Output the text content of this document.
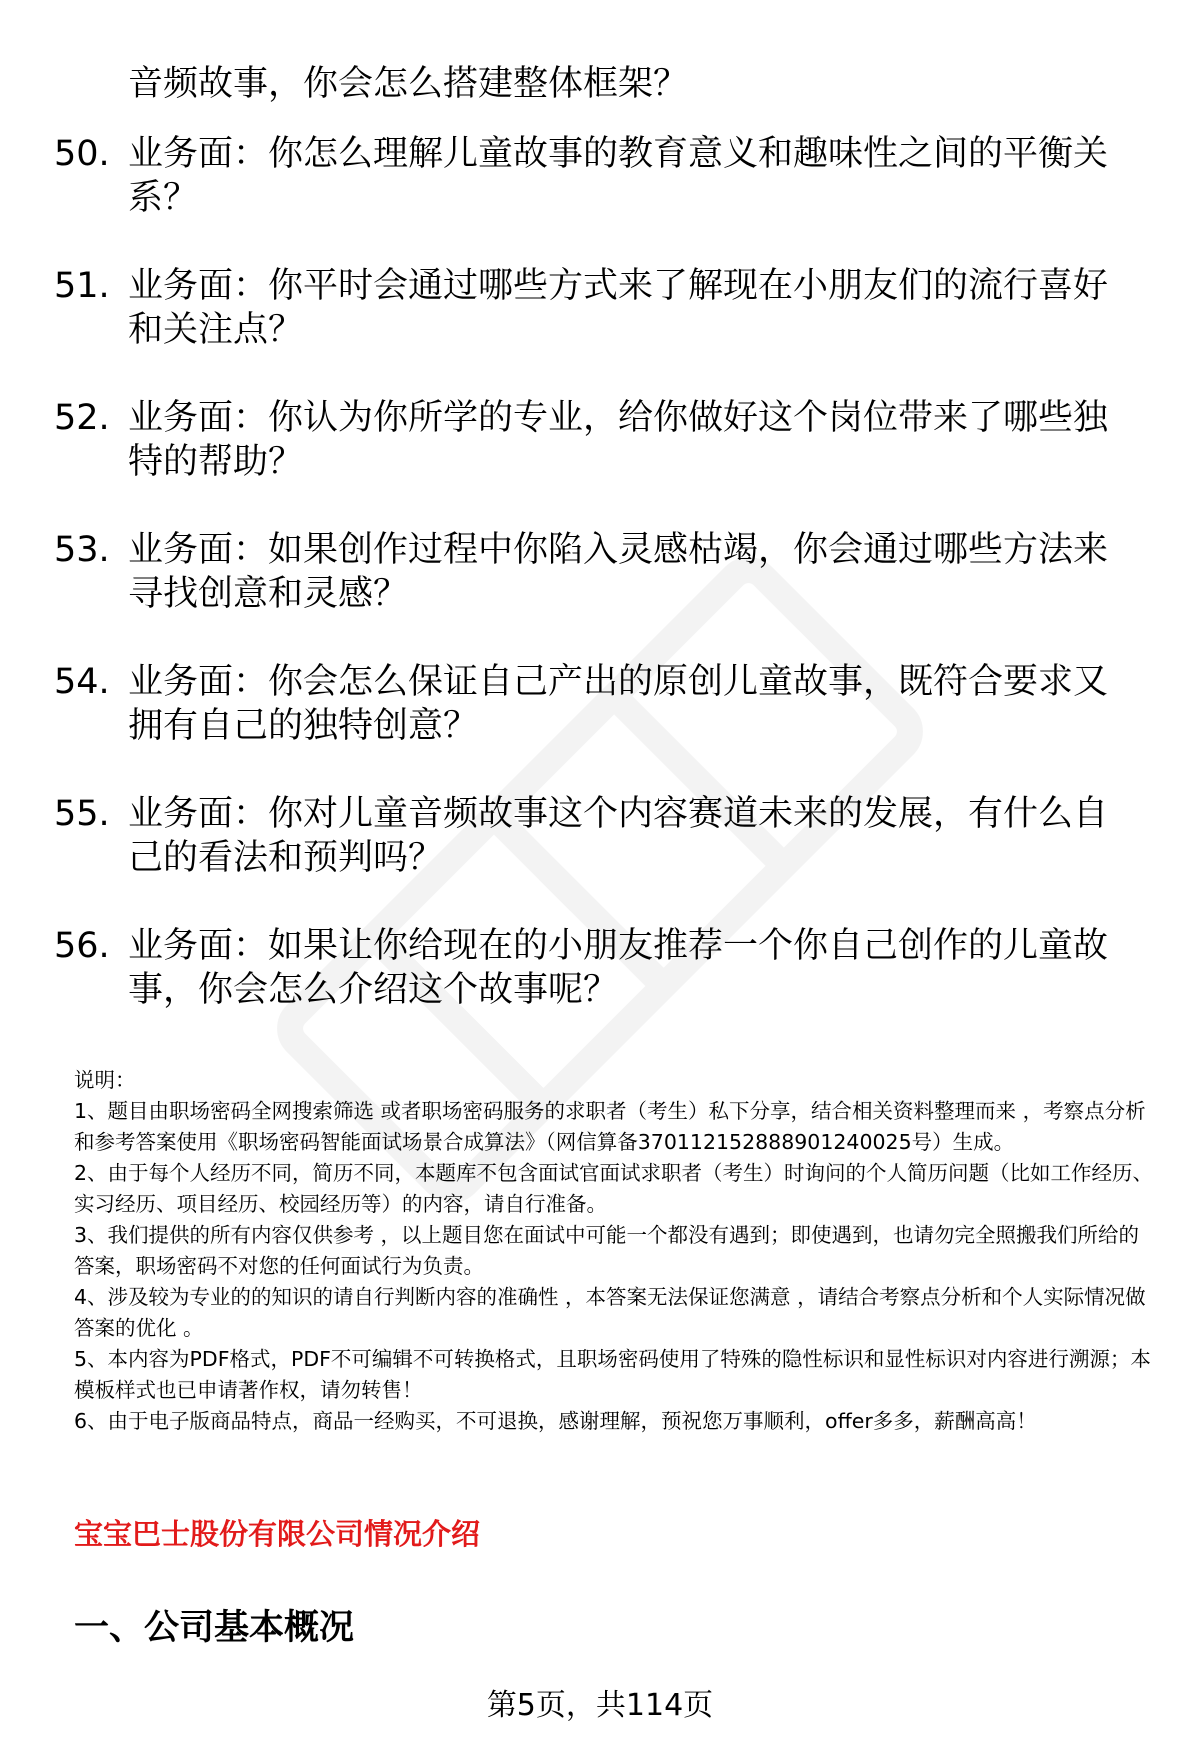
音频故事，你会怎么搭建整体框架？

50. 业务面：你怎么理解儿童故事的教育意义和趣味性之间的平衡关系？
51. 业务面：你平时会通过哪些方式来了解现在小朋友们的流行喜好和关注点？
52. 业务面：你认为你所学的专业，给你做好这个岗位带来了哪些独特的帮助？
53. 业务面：如果创作过程中你陷入灵感枯竭，你会通过哪些方法来寻找创意和灵感？
54. 业务面：你会怎么保证自己产出的原创儿童故事，既符合要求又拥有自己的独特创意？
55. 业务面：你对儿童音频故事这个内容赛道未来的发展，有什么自己的看法和预判吗？
56. 业务面：如果让你给现在的小朋友推荐一个你自己创作的儿童故事，你会怎么介绍这个故事呢？

说明：

1、题目由职场密码全网搜索筛选 或者职场密码服务的求职者（考生）私下分享，结合相关资料整理而来 ，考察点分析和参考答案使用《职场密码智能面试场景合成算法》（网信算备370112152888901240025号）生成。

2、由于每个人经历不同，简历不同，本题库不包含面试官面试求职者（考生）时询问的个人简历问题（比如工作经历、实习经历、项目经历、校园经历等）的内容，请自行准备。

3、我们提供的所有内容仅供参考 ，以上题目您在面试中可能一个都没有遇到；即使遇到，也请勿完全照搬我们所给的答案，职场密码不对您的任何面试行为负责。

4、涉及较为专业的的知识的请自行判断内容的准确性 ，本答案无法保证您满意 ，请结合考察点分析和个人实际情况做答案的优化 。

5、本内容为PDF格式，PDF不可编辑不可转换格式，且职场密码使用了特殊的隐性标识和显性标识对内容进行溯源；本模板样式也已申请著作权，请勿转售！

6、由于电子版商品特点，商品一经购买，不可退换，感谢理解，预祝您万事顺利，offer多多，薪酬高高！

宝宝巴士股份有限公司情况介绍
一、公司基本概况
第5页，共114页
